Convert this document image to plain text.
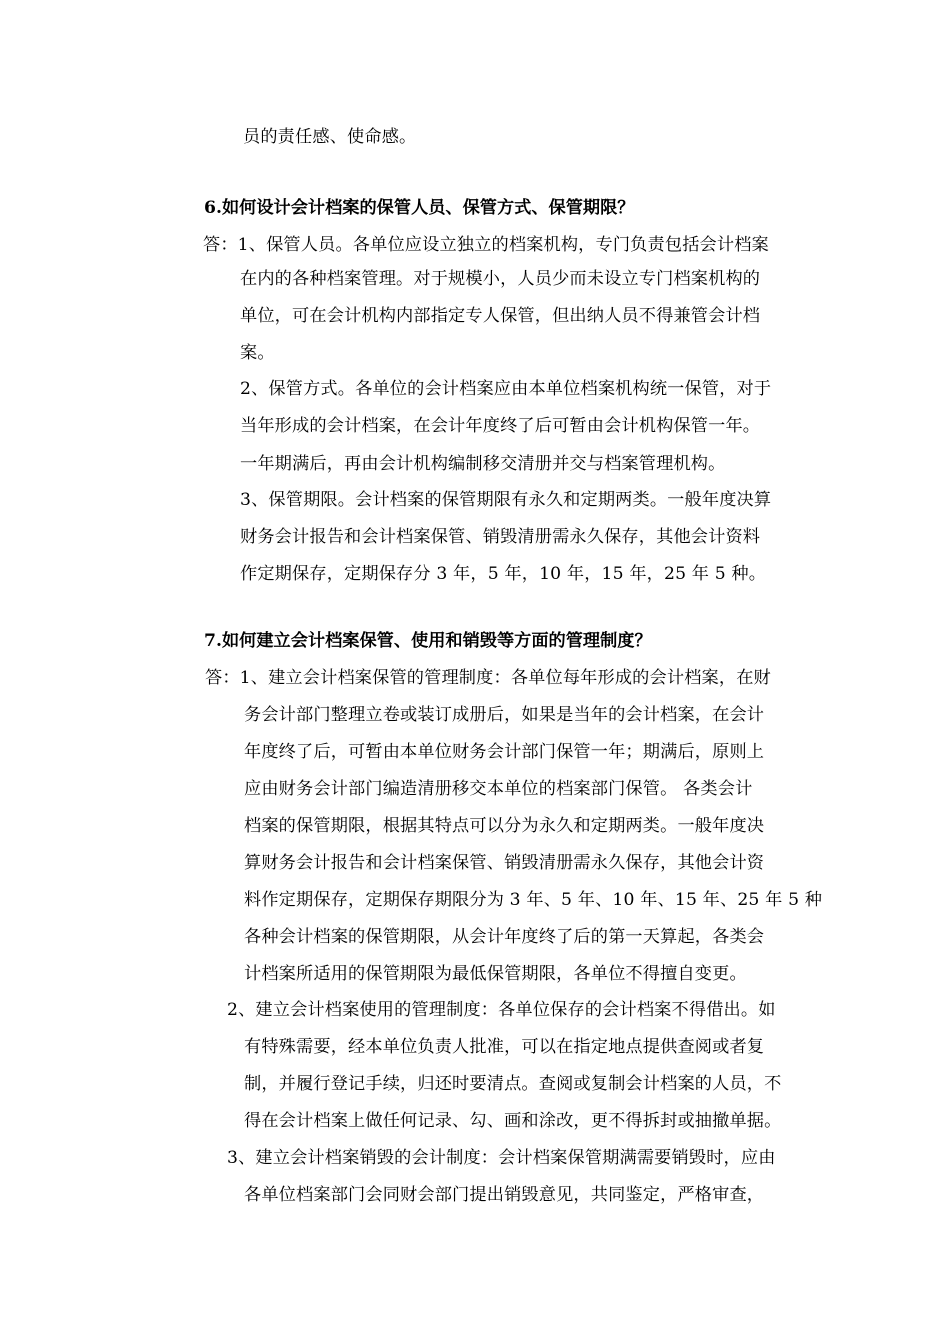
员的责任感、使命感。
6.如何设计会计档案的保管人员、保管方式、保管期限？
答：1、保管人员。各单位应设立独立的档案机构，专门负责包括会计档案
在内的各种档案管理。对于规模小，人员少而未设立专门档案机构的
单位，可在会计机构内部指定专人保管，但出纳人员不得兼管会计档
案。
2、保管方式。各单位的会计档案应由本单位档案机构统一保管，对于
当年形成的会计档案，在会计年度终了后可暂由会计机构保管一年。
一年期满后，再由会计机构编制移交清册并交与档案管理机构。
3、保管期限。会计档案的保管期限有永久和定期两类。一般年度决算
财务会计报告和会计档案保管、销毁清册需永久保存，其他会计资料
作定期保存，定期保存分 3 年，5 年，10 年，15 年，25 年 5 种。
7.如何建立会计档案保管、使用和销毁等方面的管理制度？
答：1、建立会计档案保管的管理制度：各单位每年形成的会计档案，在财
务会计部门整理立卷或装订成册后，如果是当年的会计档案，在会计
年度终了后，可暂由本单位财务会计部门保管一年；期满后，原则上
应由财务会计部门编造清册移交本单位的档案部门保管。 各类会计
档案的保管期限，根据其特点可以分为永久和定期两类。一般年度决
算财务会计报告和会计档案保管、销毁清册需永久保存，其他会计资
料作定期保存，定期保存期限分为 3 年、5 年、10 年、15 年、25 年 5 种
各种会计档案的保管期限，从会计年度终了后的第一天算起，各类会
计档案所适用的保管期限为最低保管期限，各单位不得擅自变更。
2、建立会计档案使用的管理制度：各单位保存的会计档案不得借出。如
有特殊需要，经本单位负责人批准，可以在指定地点提供查阅或者复
制，并履行登记手续，归还时要清点。查阅或复制会计档案的人员，不
得在会计档案上做任何记录、勾、画和涂改，更不得拆封或抽撤单据。
3、建立会计档案销毁的会计制度：会计档案保管期满需要销毁时，应由
各单位档案部门会同财会部门提出销毁意见，共同鉴定，严格审查，
